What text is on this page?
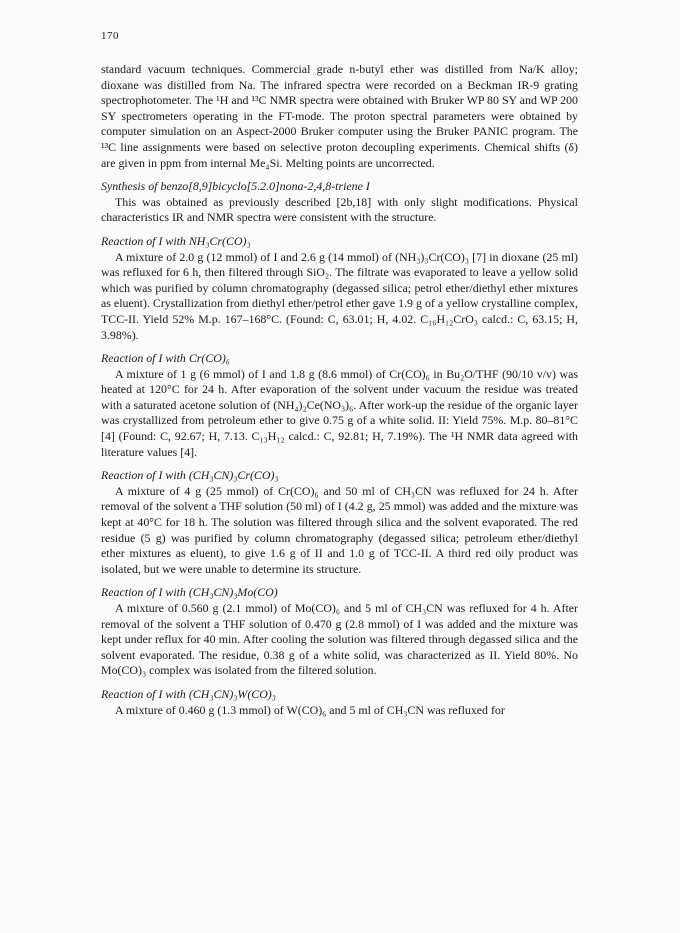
170

standard vacuum techniques. Commercial grade n-butyl ether was distilled from Na/K alloy; dioxane was distilled from Na. The infrared spectra were recorded on a Beckman IR-9 grating spectrophotometer. The ¹H and ¹³C NMR spectra were obtained with Bruker WP 80 SY and WP 200 SY spectrometers operating in the FT-mode. The proton spectral parameters were obtained by computer simulation on an Aspect-2000 Bruker computer using the Bruker PANIC program. The ¹³C line assignments were based on selective proton decoupling experiments. Chemical shifts (δ) are given in ppm from internal Me₄Si. Melting points are uncorrected.

Synthesis of benzo[8,9]bicyclo[5.2.0]nona-2,4,8-triene I

This was obtained as previously described [2b,18] with only slight modifications. Physical characteristics IR and NMR spectra were consistent with the structure.

Reaction of I with NH₃Cr(CO)₃

A mixture of 2.0 g (12 mmol) of I and 2.6 g (14 mmol) of (NH₃)₃Cr(CO)₃ [7] in dioxane (25 ml) was refluxed for 6 h, then filtered through SiO₂. The filtrate was evaporated to leave a yellow solid which was purified by column chromatography (degassed silica; petrol ether/diethyl ether mixtures as eluent). Crystallization from diethyl ether/petrol ether gave 1.9 g of a yellow crystalline complex, TCC-II. Yield 52% M.p. 167–168°C. (Found: C, 63.01; H, 4.02. C₁₆H₁₂CrO₃ calcd.: C, 63.15; H, 3.98%).

Reaction of I with Cr(CO)₆

A mixture of 1 g (6 mmol) of I and 1.8 g (8.6 mmol) of Cr(CO)₆ in Bu₂O/THF (90/10 v/v) was heated at 120°C for 24 h. After evaporation of the solvent under vacuum the residue was treated with a saturated acetone solution of (NH₄)₂Ce(NO₃)₆. After work-up the residue of the organic layer was crystallized from petroleum ether to give 0.75 g of a white solid. II: Yield 75%. M.p. 80–81°C [4] (Found: C, 92.67; H, 7.13. C₁₃H₁₂ calcd.: C, 92.81; H, 7.19%). The ¹H NMR data agreed with literature values [4].

Reaction of I with (CH₃CN)₃Cr(CO)₃

A mixture of 4 g (25 mmol) of Cr(CO)₆ and 50 ml of CH₃CN was refluxed for 24 h. After removal of the solvent a THF solution (50 ml) of I (4.2 g, 25 mmol) was added and the mixture was kept at 40°C for 18 h. The solution was filtered through silica and the solvent evaporated. The red residue (5 g) was purified by column chromatography (degassed silica; petroleum ether/diethyl ether mixtures as eluent), to give 1.6 g of II and 1.0 g of TCC-II. A third red oily product was isolated, but we were unable to determine its structure.

Reaction of I with (CH₃CN)₃Mo(CO)

A mixture of 0.560 g (2.1 mmol) of Mo(CO)₆ and 5 ml of CH₃CN was refluxed for 4 h. After removal of the solvent a THF solution of 0.470 g (2.8 mmol) of I was added and the mixture was kept under reflux for 40 min. After cooling the solution was filtered through degassed silica and the solvent evaporated. The residue, 0.38 g of a white solid, was characterized as II. Yield 80%. No Mo(CO)₃ complex was isolated from the filtered solution.

Reaction of I with (CH₃CN)₃W(CO)₃

A mixture of 0.460 g (1.3 mmol) of W(CO)₆ and 5 ml of CH₃CN was refluxed for
